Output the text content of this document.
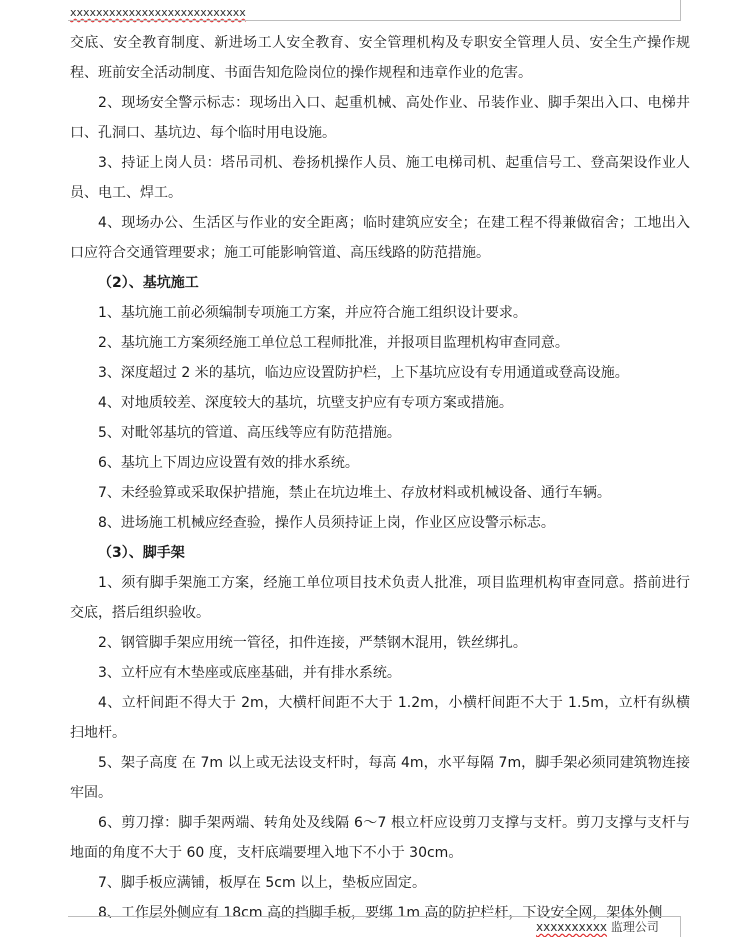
xxxxxxxxxxxxxxxxxxxxxxxxxxx

交底、安全教育制度、新进场工人安全教育、安全管理机构及专职安全管理人员、安全生产操作规程、班前安全活动制度、书面告知危险岗位的操作规程和违章作业的危害。

2、现场安全警示标志：现场出入口、起重机械、高处作业、吊装作业、脚手架出入口、电梯井口、孔洞口、基坑边、每个临时用电设施。

3、持证上岗人员：塔吊司机、卷扬机操作人员、施工电梯司机、起重信号工、登高架设作业人员、电工、焊工。

4、现场办公、生活区与作业的安全距离；临时建筑应安全；在建工程不得兼做宿舍；工地出入口应符合交通管理要求；施工可能影响管道、高压线路的防范措施。

（2）、基坑施工

1、基坑施工前必须编制专项施工方案，并应符合施工组织设计要求。

2、基坑施工方案须经施工单位总工程师批准，并报项目监理机构审查同意。

3、深度超过 2 米的基坑，临边应设置防护栏，上下基坑应设有专用通道或登高设施。

4、对地质较差、深度较大的基坑，坑壁支护应有专项方案或措施。

5、对毗邻基坑的管道、高压线等应有防范措施。

6、基坑上下周边应设置有效的排水系统。

7、未经验算或采取保护措施，禁止在坑边堆土、存放材料或机械设备、通行车辆。

8、进场施工机械应经查验，操作人员须持证上岗，作业区应设警示标志。

（3）、脚手架

1、须有脚手架施工方案，经施工单位项目技术负责人批准，项目监理机构审查同意。搭前进行交底，搭后组织验收。

2、钢管脚手架应用统一管径，扣件连接，严禁钢木混用，铁丝绑扎。

3、立杆应有木垫座或底座基础，并有排水系统。

4、立杆间距不得大于 2m，大横杆间距不大于 1.2m，小横杆间距不大于 1.5m，立杆有纵横扫地杆。

5、架子高度 在 7m 以上或无法设支杆时，每高 4m，水平每隔 7m，脚手架必须同建筑物连接牢固。

6、剪刀撑：脚手架两端、转角处及线隔 6～7 根立杆应设剪刀支撑与支杆。剪刀支撑与支杆与地面的角度不大于 60 度，支杆底端要埋入地下不小于 30cm。

7、脚手板应满铺，板厚在 5cm 以上，垫板应固定。

8、工作层外侧应有 18cm 高的挡脚手板，要绑 1m 高的防护栏杆，下设安全网，架体外侧

xxxxxxxxxx 监理公司
